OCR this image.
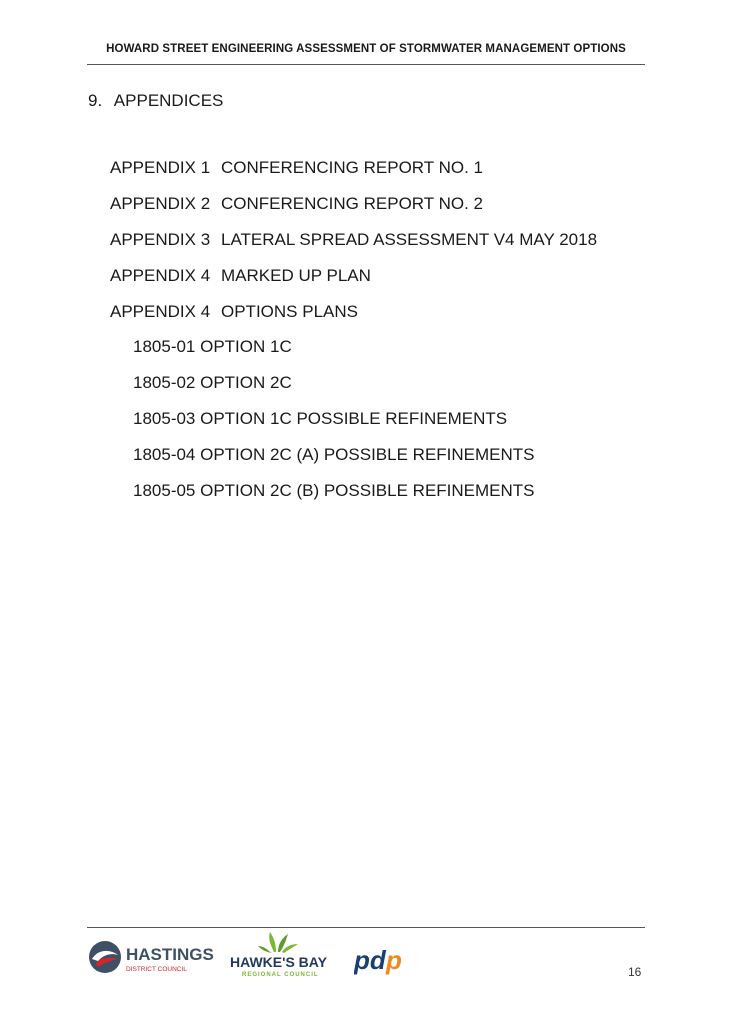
HOWARD STREET ENGINEERING ASSESSMENT OF STORMWATER MANAGEMENT OPTIONS
9. APPENDICES
APPENDIX 1 CONFERENCING REPORT NO. 1
APPENDIX 2 CONFERENCING REPORT NO. 2
APPENDIX 3 LATERAL SPREAD ASSESSMENT V4 MAY 2018
APPENDIX 4 MARKED UP PLAN
APPENDIX 4 OPTIONS PLANS
1805-01 OPTION 1C
1805-02 OPTION 2C
1805-03 OPTION 1C POSSIBLE REFINEMENTS
1805-04 OPTION 2C (A) POSSIBLE REFINEMENTS
1805-05 OPTION 2C (B) POSSIBLE REFINEMENTS
HASTINGS
DISTRICT COUNCIL	HAWKE'S BAY
REGIONAL COUNCIL pd p	16
